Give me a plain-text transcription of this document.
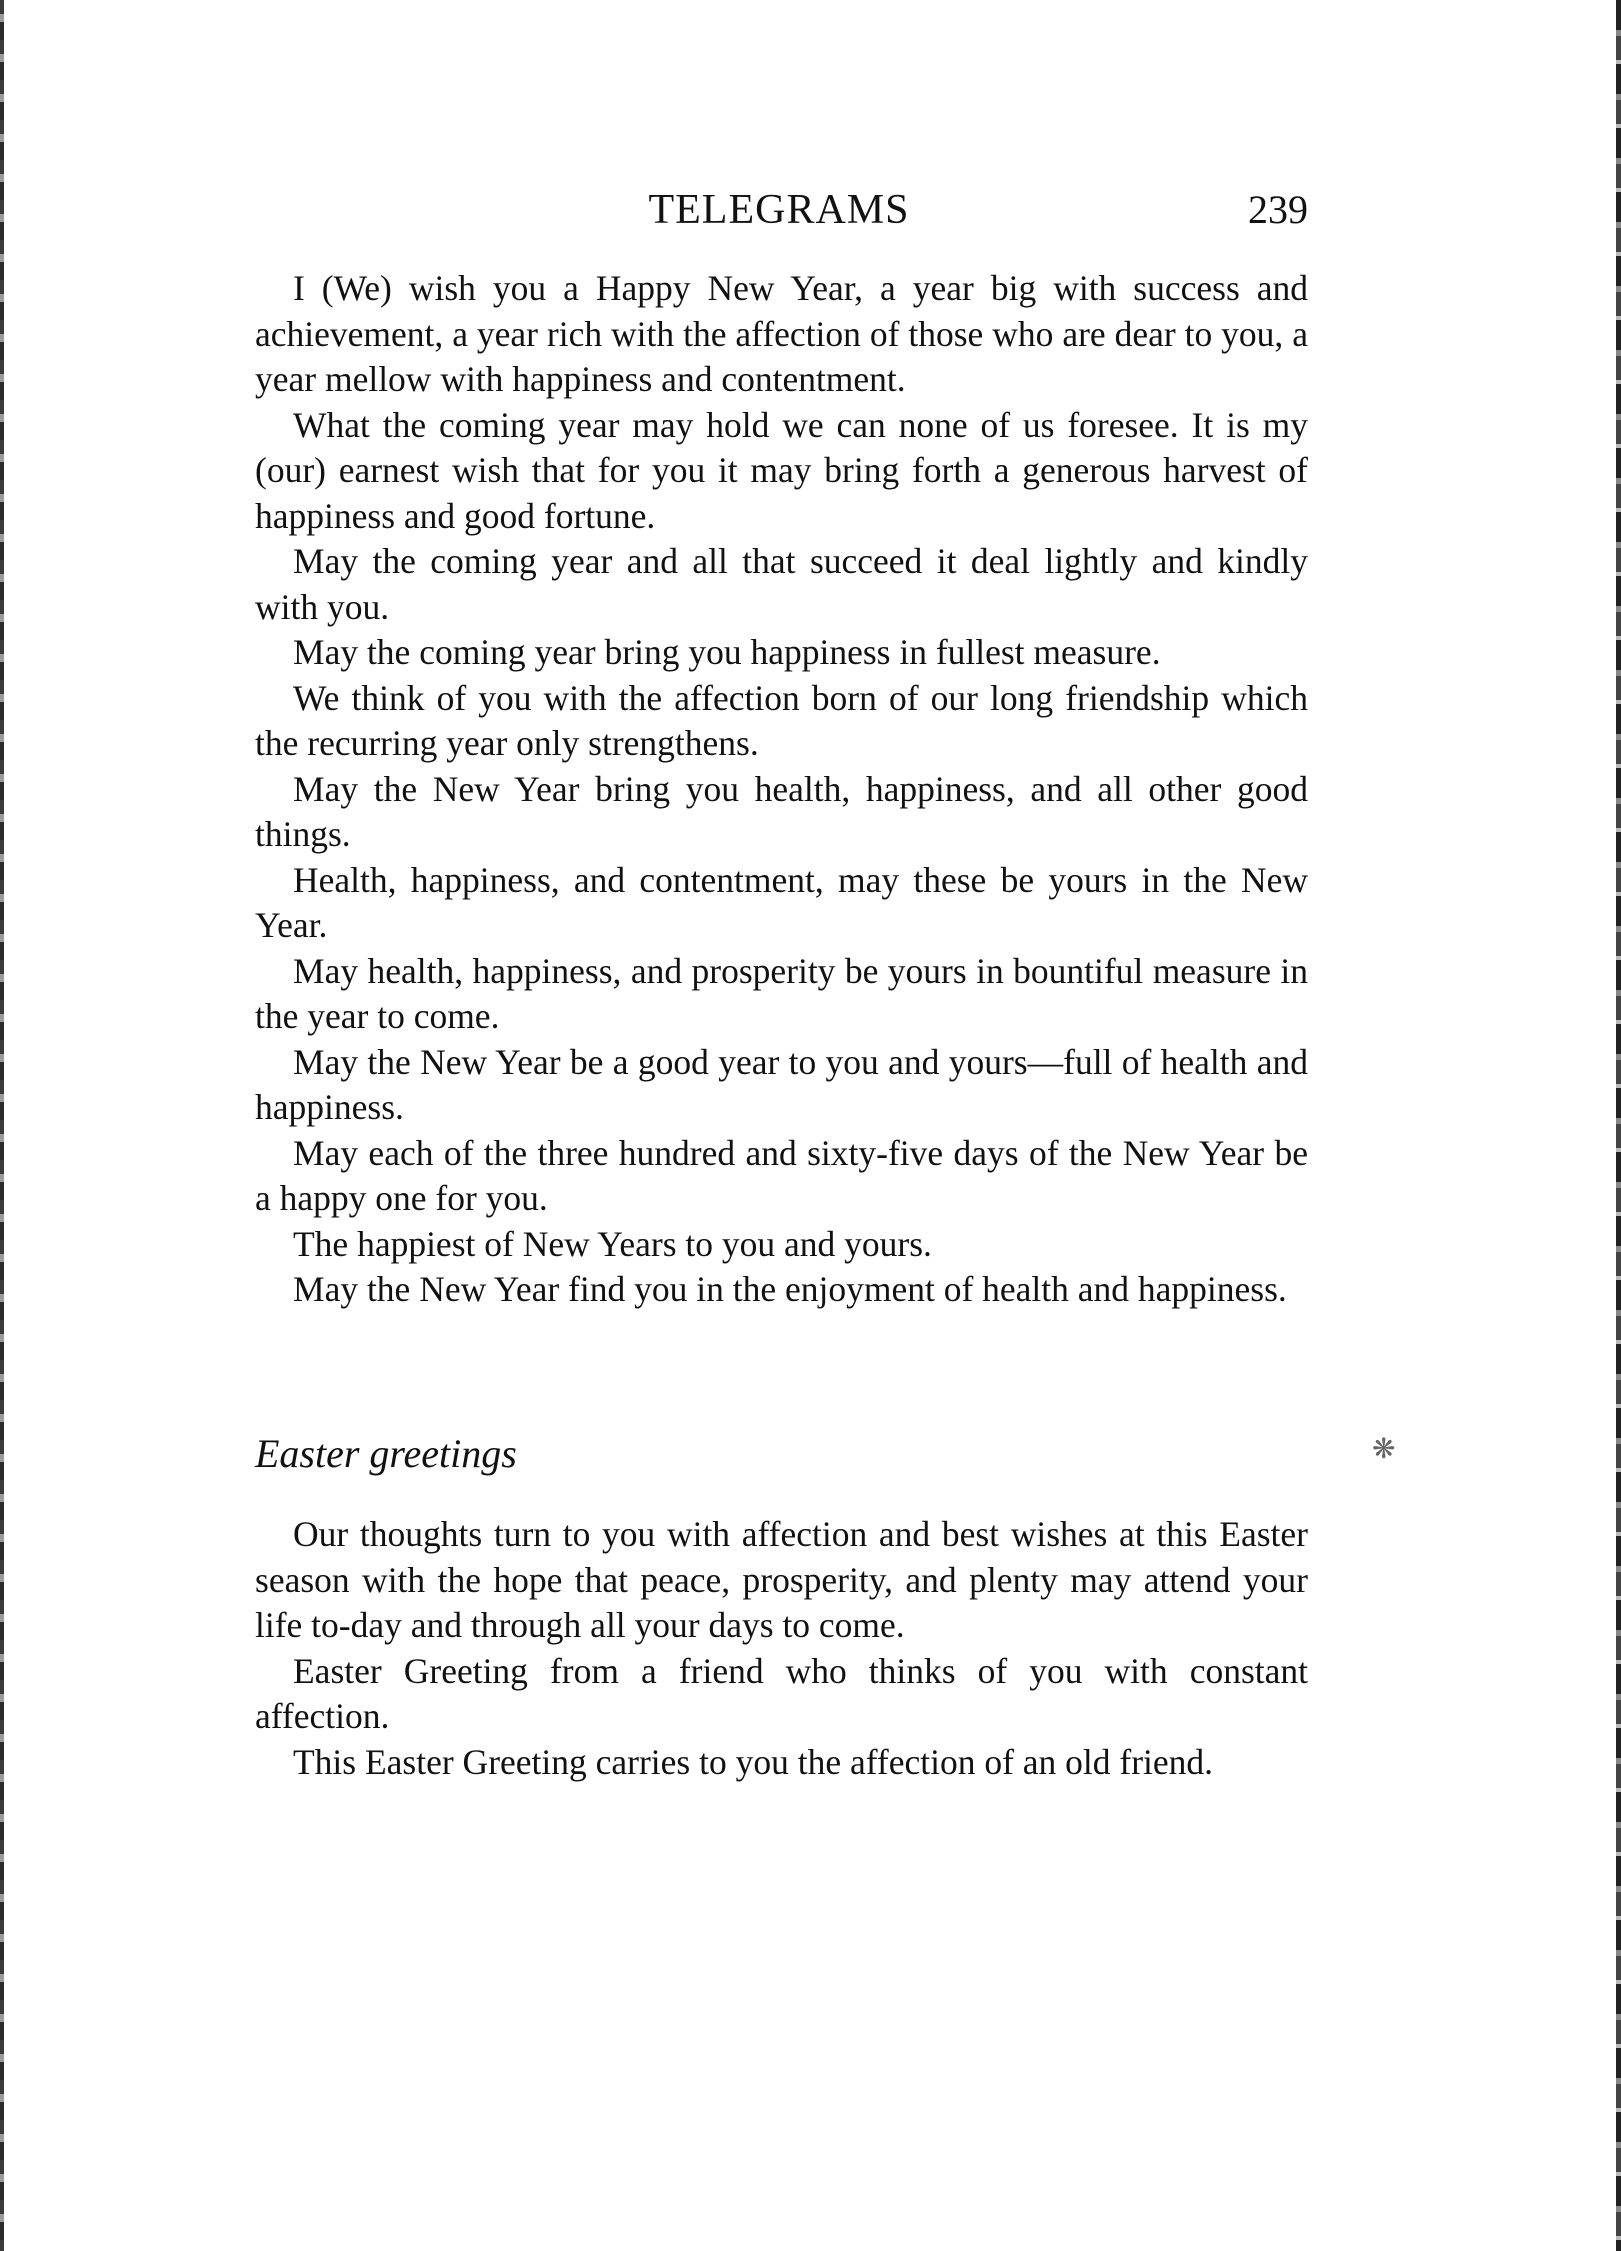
❋
TELEGRAMS	239

I (We) wish you a Happy New Year, a year big with success and achievement, a year rich with the affection of those who are dear to you, a year mellow with happiness and contentment.

What the coming year may hold we can none of us foresee. It is my (our) earnest wish that for you it may bring forth a generous harvest of happiness and good fortune.

May the coming year and all that succeed it deal lightly and kindly with you.

May the coming year bring you happiness in fullest measure.

We think of you with the affection born of our long friendship which the recurring year only strengthens.

May the New Year bring you health, happiness, and all other good things.

Health, happiness, and contentment, may these be yours in the New Year.

May health, happiness, and prosperity be yours in bountiful measure in the year to come.

May the New Year be a good year to you and yours—full of health and happiness.

May each of the three hundred and sixty-five days of the New Year be a happy one for you.

The happiest of New Years to you and yours.

May the New Year find you in the enjoyment of health and happiness.

Easter greetings

Our thoughts turn to you with affection and best wishes at this Easter season with the hope that peace, prosperity, and plenty may attend your life to-day and through all your days to come.

Easter Greeting from a friend who thinks of you with constant affection.

This Easter Greeting carries to you the affection of an old friend.
